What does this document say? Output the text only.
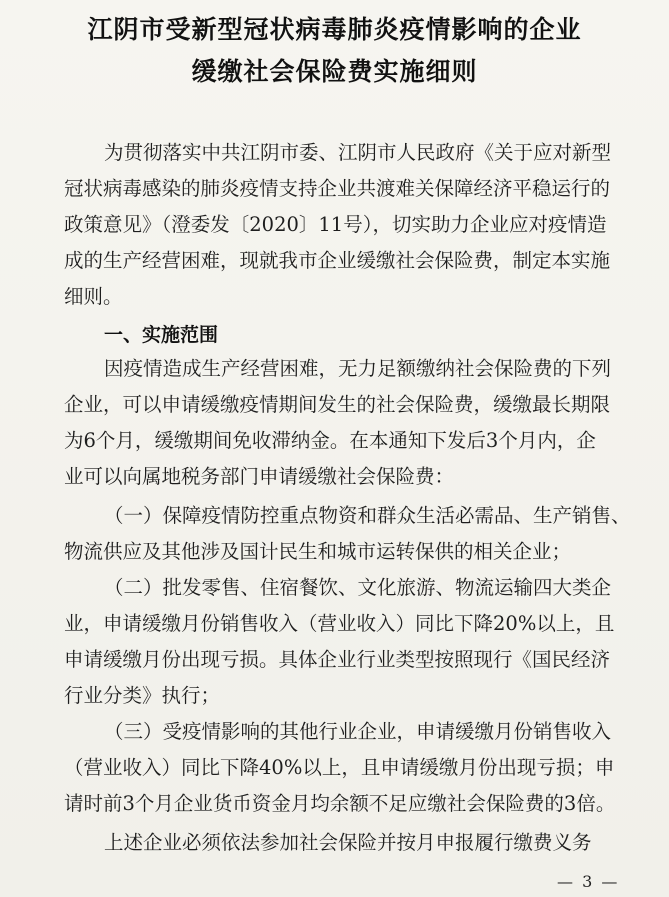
江阴市受新型冠状病毒肺炎疫情影响的企业
缓缴社会保险费实施细则
为贯彻落实中共江阴市委、江阴市人民政府《关于应对新型
冠状病毒感染的肺炎疫情支持企业共渡难关保障经济平稳运行的
政策意见》（澄委发〔2020〕11号），切实助力企业应对疫情造
成的生产经营困难，现就我市企业缓缴社会保险费，制定本实施
细则。
一、实施范围
因疫情造成生产经营困难，无力足额缴纳社会保险费的下列
企业，可以申请缓缴疫情期间发生的社会保险费，缓缴最长期限
为6个月，缓缴期间免收滞纳金。在本通知下发后3个月内，企
业可以向属地税务部门申请缓缴社会保险费：
（一）保障疫情防控重点物资和群众生活必需品、生产销售、
物流供应及其他涉及国计民生和城市运转保供的相关企业；
（二）批发零售、住宿餐饮、文化旅游、物流运输四大类企
业，申请缓缴月份销售收入（营业收入）同比下降20%以上，且
申请缓缴月份出现亏损。具体企业行业类型按照现行《国民经济
行业分类》执行；
（三）受疫情影响的其他行业企业，申请缓缴月份销售收入
（营业收入）同比下降40%以上，且申请缓缴月份出现亏损；申
请时前3个月企业货币资金月均余额不足应缴社会保险费的3倍。
上述企业必须依法参加社会保险并按月申报履行缴费义务
— 3 —
